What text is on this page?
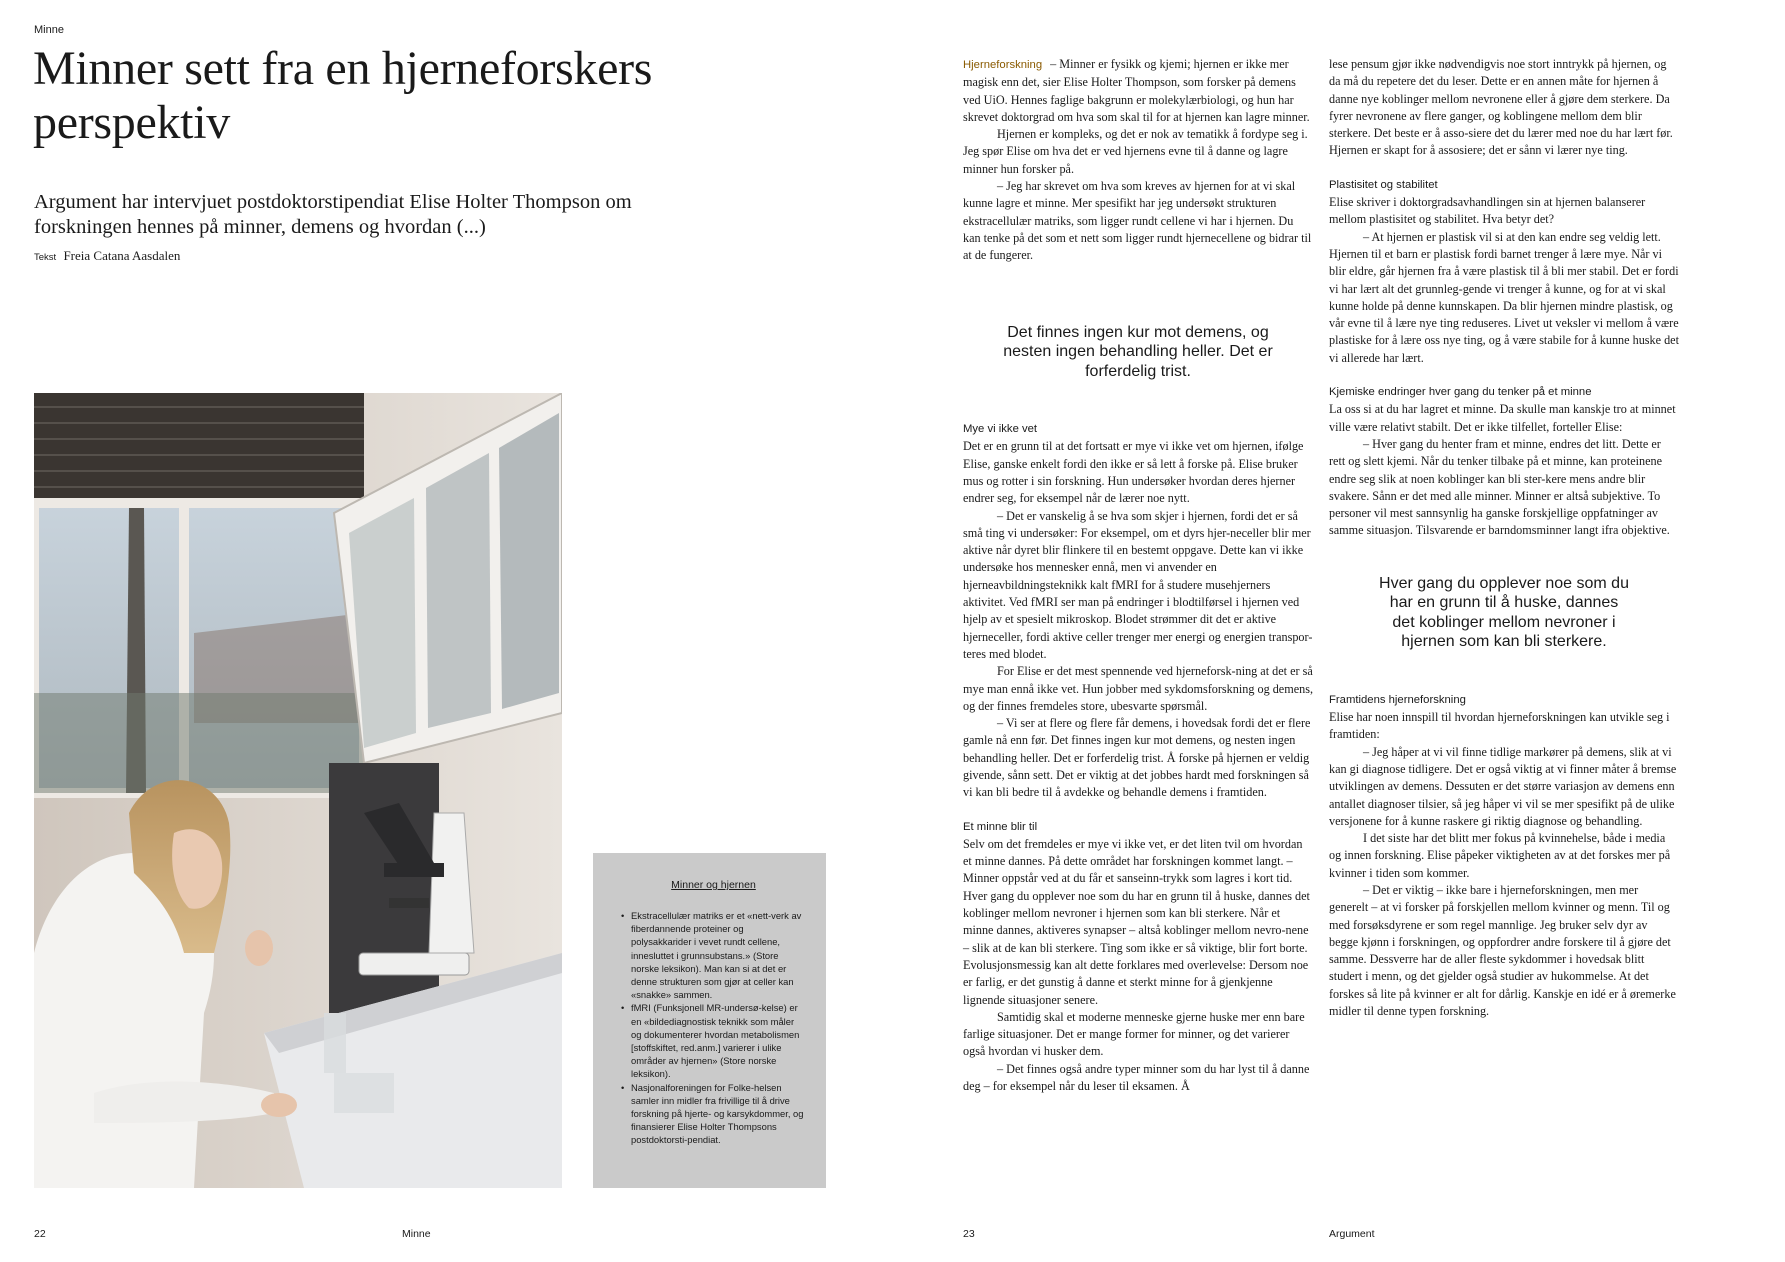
Minne
Minner sett fra en hjerneforskers perspektiv

Argument har intervjuet postdoktorstipendiat Elise Holter Thompson om forskningen hennes på minner, demens og hvordan (...)

Tekst Freia Catana Aasdalen

Minner og hjernen

• Ekstracellulær matriks er et «nett-verk av fiberdannende proteiner og polysakkarider i vevet rundt cellene, innesluttet i grunnsubstans.» (Store norske leksikon). Man kan si at det er denne strukturen som gjør at celler kan «snakke» sammen.
• fMRI (Funksjonell MR-undersø-kelse) er en «bildediagnostisk teknikk som måler og dokumenterer hvordan metabolismen [stoffskiftet, red.anm.] varierer i ulike områder av hjernen» (Store norske leksikon).
• Nasjonalforeningen for Folke-helsen samler inn midler fra frivillige til å drive forskning på hjerte- og karsykdommer, og finansierer Elise Holter Thompsons postdoktorsti-pendiat.
22	Minne

Hjerneforskning – Minner er fysikk og kjemi; hjernen er ikke mer magisk enn det, sier Elise Holter Thompson, som forsker på demens ved UiO. Hennes faglige bakgrunn er molekylærbiologi, og hun har skrevet doktorgrad om hva som skal til for at hjernen kan lagre minner.

Hjernen er kompleks, og det er nok av tematikk å fordype seg i. Jeg spør Elise om hva det er ved hjernens evne til å danne og lagre minner hun forsker på.

– Jeg har skrevet om hva som kreves av hjernen for at vi skal kunne lagre et minne. Mer spesifikt har jeg undersøkt strukturen ekstracellulær matriks, som ligger rundt cellene vi har i hjernen. Du kan tenke på det som et nett som ligger rundt hjernecellene og bidrar til at de fungerer.

Det finnes ingen kur mot demens, og nesten ingen behandling heller. Det er forferdelig trist.
Mye vi ikke vet

Det er en grunn til at det fortsatt er mye vi ikke vet om hjernen, ifølge Elise, ganske enkelt fordi den ikke er så lett å forske på. Elise bruker mus og rotter i sin forskning. Hun undersøker hvordan deres hjerner endrer seg, for eksempel når de lærer noe nytt.

– Det er vanskelig å se hva som skjer i hjernen, fordi det er så små ting vi undersøker: For eksempel, om et dyrs hjer-neceller blir mer aktive når dyret blir flinkere til en bestemt oppgave. Dette kan vi ikke undersøke hos mennesker ennå, men vi anvender en hjerneavbildningsteknikk kalt fMRI for å studere musehjerners aktivitet. Ved fMRI ser man på endringer i blodtilførsel i hjernen ved hjelp av et spesielt mikroskop. Blodet strømmer dit det er aktive hjerneceller, fordi aktive celler trenger mer energi og energien transpor-teres med blodet.

For Elise er det mest spennende ved hjerneforsk-ning at det er så mye man ennå ikke vet. Hun jobber med sykdomsforskning og demens, og der finnes fremdeles store, ubesvarte spørsmål.

– Vi ser at flere og flere får demens, i hovedsak fordi det er flere gamle nå enn før. Det finnes ingen kur mot demens, og nesten ingen behandling heller. Det er forferdelig trist. Å forske på hjernen er veldig givende, sånn sett. Det er viktig at det jobbes hardt med forskningen så vi kan bli bedre til å avdekke og behandle demens i framtiden.

Et minne blir til

Selv om det fremdeles er mye vi ikke vet, er det liten tvil om hvordan et minne dannes. På dette området har forskningen kommet langt. – Minner oppstår ved at du får et sanseinn-trykk som lagres i kort tid. Hver gang du opplever noe som du har en grunn til å huske, dannes det koblinger mellom nevroner i hjernen som kan bli sterkere. Når et minne dannes, aktiveres synapser – altså koblinger mellom nevro-nene – slik at de kan bli sterkere. Ting som ikke er så viktige, blir fort borte. Evolusjonsmessig kan alt dette forklares med overlevelse: Dersom noe er farlig, er det gunstig å danne et sterkt minne for å gjenkjenne lignende situasjoner senere.

Samtidig skal et moderne menneske gjerne huske mer enn bare farlige situasjoner. Det er mange former for minner, og det varierer også hvordan vi husker dem.

– Det finnes også andre typer minner som du har lyst til å danne deg – for eksempel når du leser til eksamen. Å

lese pensum gjør ikke nødvendigvis noe stort inntrykk på hjernen, og da må du repetere det du leser. Dette er en annen måte for hjernen å danne nye koblinger mellom nevronene eller å gjøre dem sterkere. Da fyrer nevronene av flere ganger, og koblingene mellom dem blir sterkere. Det beste er å asso-siere det du lærer med noe du har lært før. Hjernen er skapt for å assosiere; det er sånn vi lærer nye ting.

Plastisitet og stabilitet

Elise skriver i doktorgradsavhandlingen sin at hjernen balanserer mellom plastisitet og stabilitet. Hva betyr det?

– At hjernen er plastisk vil si at den kan endre seg veldig lett. Hjernen til et barn er plastisk fordi barnet trenger å lære mye. Når vi blir eldre, går hjernen fra å være plastisk til å bli mer stabil. Det er fordi vi har lært alt det grunnleg-gende vi trenger å kunne, og for at vi skal kunne holde på denne kunnskapen. Da blir hjernen mindre plastisk, og vår evne til å lære nye ting reduseres. Livet ut veksler vi mellom å være plastiske for å lære oss nye ting, og å være stabile for å kunne huske det vi allerede har lært.

Kjemiske endringer hver gang du tenker på et minne

La oss si at du har lagret et minne. Da skulle man kanskje tro at minnet ville være relativt stabilt. Det er ikke tilfellet, forteller Elise:

– Hver gang du henter fram et minne, endres det litt. Dette er rett og slett kjemi. Når du tenker tilbake på et minne, kan proteinene endre seg slik at noen koblinger kan bli ster-kere mens andre blir svakere. Sånn er det med alle minner. Minner er altså subjektive. To personer vil mest sannsynlig ha ganske forskjellige oppfatninger av samme situasjon. Tilsvarende er barndomsminner langt ifra objektive.

Hver gang du opplever noe som du har en grunn til å huske, dannes det koblinger mellom nevroner i hjernen som kan bli sterkere.
Framtidens hjerneforskning

Elise har noen innspill til hvordan hjerneforskningen kan utvikle seg i framtiden:

– Jeg håper at vi vil finne tidlige markører på demens, slik at vi kan gi diagnose tidligere. Det er også viktig at vi finner måter å bremse utviklingen av demens. Dessuten er det større variasjon av demens enn antallet diagnoser tilsier, så jeg håper vi vil se mer spesifikt på de ulike versjonene for å kunne raskere gi riktig diagnose og behandling.

I det siste har det blitt mer fokus på kvinnehelse, både i media og innen forskning. Elise påpeker viktigheten av at det forskes mer på kvinner i tiden som kommer.

– Det er viktig – ikke bare i hjerneforskningen, men mer generelt – at vi forsker på forskjellen mellom kvinner og menn. Til og med forsøksdyrene er som regel mannlige. Jeg bruker selv dyr av begge kjønn i forskningen, og oppfordrer andre forskere til å gjøre det samme. Dessverre har de aller fleste sykdommer i hovedsak blitt studert i menn, og det gjelder også studier av hukommelse. At det forskes så lite på kvinner er alt for dårlig. Kanskje en idé er å øremerke midler til denne typen forskning.

23	Argument
